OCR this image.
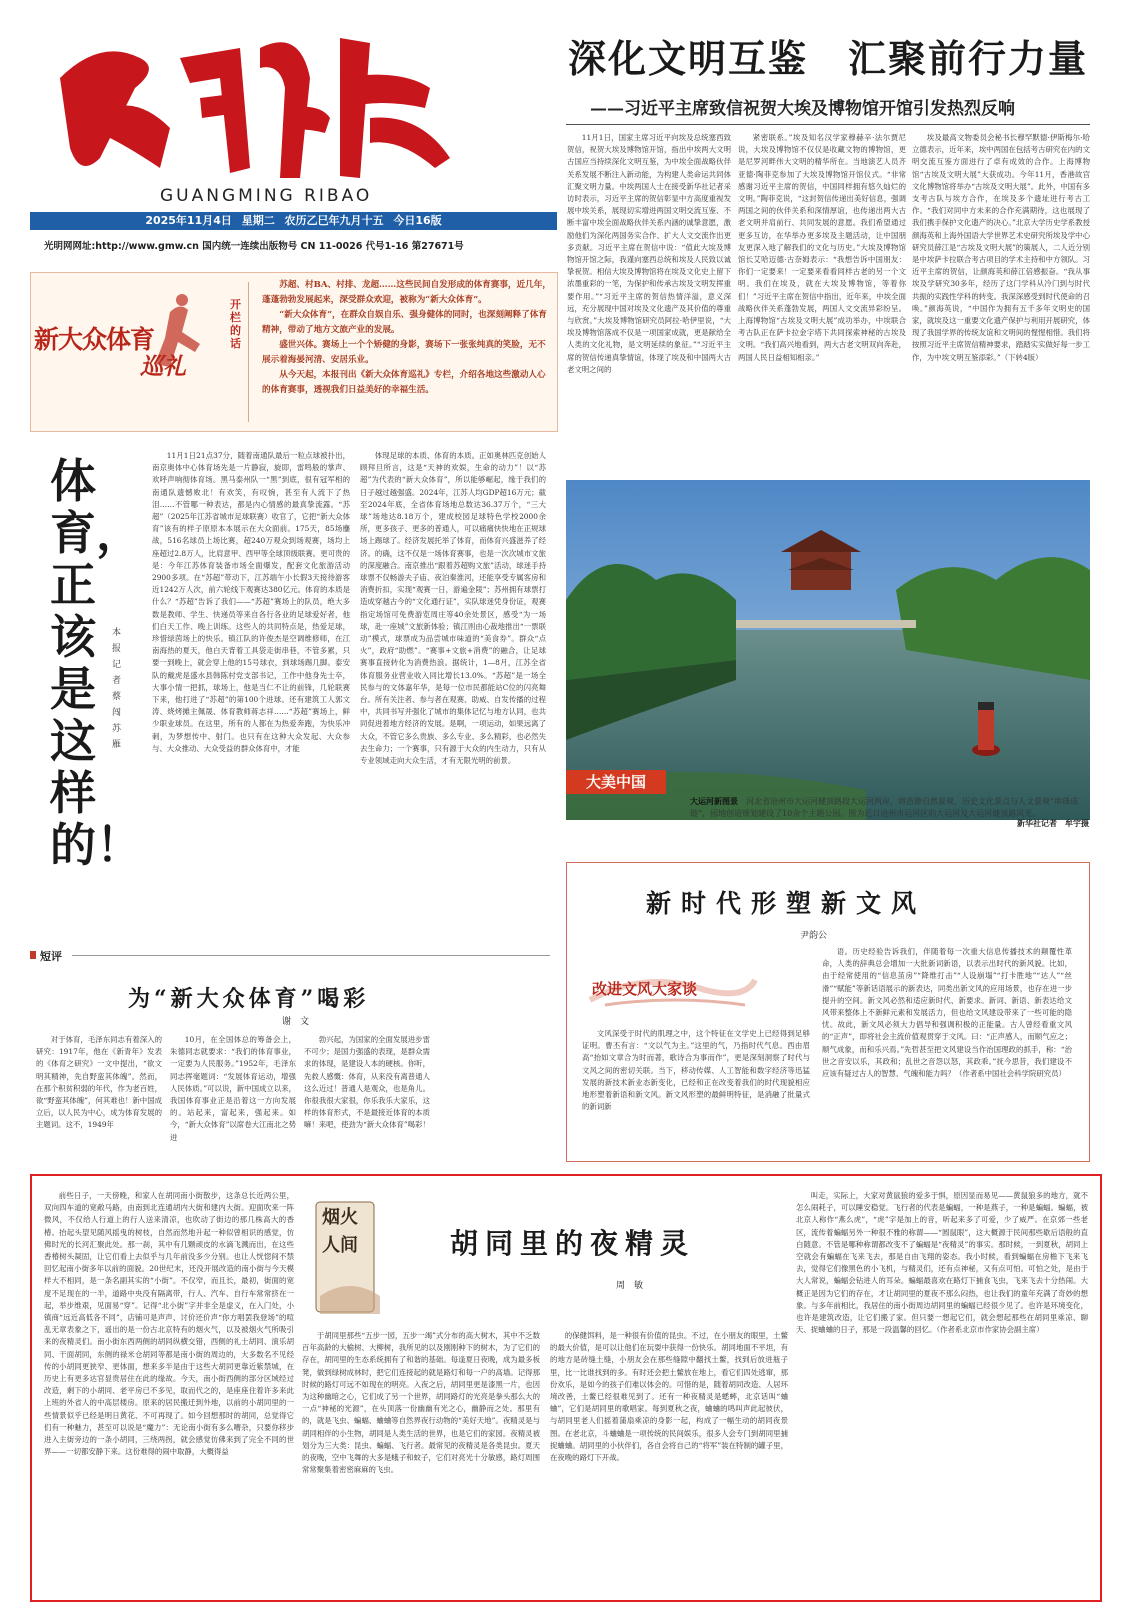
GUANGMING RIBAO
2025年11月4日 星期二 农历乙巳年九月十五 今日16版
光明网网址:http://www.gmw.cn 国内统一连续出版物号 CN 11-0026 代号1-16 第27671号
深化文明互鉴　汇聚前行力量
——习近平主席致信祝贺大埃及博物馆开馆引发热烈反响

11月1日，国家主席习近平向埃及总统塞西致贺信，祝贺大埃及博物馆开馆，指出中埃两大文明古国应当持续深化文明互鉴，为中埃全面战略伙伴关系发展不断注入新动能，为构建人类命运共同体汇聚文明力量。中埃两国人士在接受新华社记者采访时表示，习近平主席的贺信彰显中方高度重视发展中埃关系，展现切实增进两国文明交流互鉴、不断丰富中埃全面战略伙伴关系内涵的诚挚意愿，激励他们为深化两国务实合作、扩大人文交流作出更多贡献。习近平主席在贺信中说：“值此大埃及博物馆开馆之际，我谨向塞西总统和埃及人民致以诚挚祝贺。相信大埃及博物馆将在埃及文化史上留下浓墨重彩的一笔，为保护和传承古埃及文明发挥重要作用。”“习近平主席的贺信热情洋溢，意义深远，充分展现中国对埃及文化遗产及其价值的尊重与欣赏。”大埃及博物馆研究员阿拉·哈伊里说，“大埃及博物馆落成不仅是一项国家成就，更是献给全人类的文化礼物，是文明延续的象征。”“习近平主席的贺信传递真挚情谊，体现了埃及和中国两大古老文明之间的

紧密联系。”埃及知名汉学家穆赫辛·法尔贾尼说，大埃及博物馆不仅仅是收藏文物的博物馆，更是尼罗河畔伟大文明的精华所在。当地演艺人员齐亚德·陶菲克参加了大埃及博物馆开馆仪式。“非常感谢习近平主席的贺信，中国同样拥有悠久灿烂的文明。”陶菲克说，“这封贺信传递出美好信息，强调两国之间的伙伴关系和深情厚谊，也传递出两大古老文明并肩前行、共同发展的意愿。我们希望通过更多互访，在华举办更多埃及主题活动，让中国朋友更深入地了解我们的文化与历史。”大埃及博物馆馆长艾哈迈德·古奈姆表示：“我想告诉中国朋友：你们一定要来！一定要来看看同样古老的另一个文明。我们在埃及，就在大埃及博物馆，等着你们！”习近平主席在贺信中指出，近年来，中埃全面战略伙伴关系蓬勃发展，两国人文交流异彩纷呈。上海博物馆“古埃及文明大展”成功举办，中埃联合考古队正在萨卡拉金字塔下共同探索神秘的古埃及文明。“我们高兴地看到，两大古老文明双向奔赴，两国人民日益相知相亲。”

埃及最高文物委员会秘书长穆罕默德·伊斯梅尔·哈立德表示，近年来，埃中两国在包括考古研究在内的文明交流互鉴方面进行了卓有成效的合作。上海博物馆“古埃及文明大展”大获成功。今年11月，香港故宫文化博物馆将举办“古埃及文明大展”。此外，中国有多支考古队与埃方合作，在埃及多个遗址进行考古工作。“我们对同中方未来的合作充满期待，这也展现了我们携手保护文化遗产的决心。”北京大学历史学系教授颜海英和上海外国语大学世界艺术史研究所埃及学中心研究员薛江是“古埃及文明大展”的策展人，二人近分别是中埃萨卡拉联合考古项目的学术主持和中方领队。习近平主席的贺信，让颜海英和薛江倍感振奋。“我从事埃及学研究30多年，经历了这门学科从冷门到与时代共振的实践性学科的转变。我深深感受到时代使命的召唤。”颜海英说，“中国作为拥有五千多年文明史的国家，就埃及这一重要文化遗产保护与利用开展研究，体现了我国学界的传统友谊和文明间的惺惺相惜。我们将按照习近平主席贺信精神要求，踏踏实实做好每一步工作，为中埃文明互鉴添彩。”（下转4版）

新大众体育
巡礼
开栏的话

苏超、村BA、村排、龙超……这些民间自发形成的体育赛事，近几年，蓬蓬勃勃发展起来，深受群众欢迎，被称为“新大众体育”。

“新大众体育”，在群众自娱自乐、强身健体的同时，也深刻阐释了体育精神，带动了地方文旅产业的发展。

盛世兴体。赛场上一个个矫健的身影，赛场下一张张纯真的笑脸，无不展示着海晏河清、安居乐业。

从今天起，本报刊出《新大众体育巡礼》专栏，介绍各地这些激动人心的体育赛事，透视我们日益美好的幸福生活。

体育，正该是这样的！
本报记者 蔡闯 苏雁

11月1日21点37分，随着南通队最后一粒点球被扑出，南京奥体中心体育场先是一片静寂，旋即，雷鸣般的掌声、欢呼声响彻体育场。黑马泰州队一“黑”到底，很有冠军相的南通队遗憾败北！有欢笑，有叹惋，甚至有人流下了热泪……不管哪一种表达，都是内心情感的最真挚流露。“苏超”（2025年江苏省城市足球联赛）收官了，它把“新大众体育”该有的样子原原本本展示在大众面前。175天，85场鏖战，516名球员上场比赛，超240万观众到场观赛，场均上座超过2.8万人，比肩意甲、西甲等全球顶级联赛。更可贵的是：今年江苏体育装备市场全面爆发，配套文化旅游活动2900多项。在“苏超”带动下，江苏端午小长假3天接待游客近1242万人次，前六轮线下观赛达380亿元。体育的本质是什么？“苏超”告诉了我们——“苏超”赛场上的队员，绝大多数是教师、学生、快递员等来自各行各业的足球爱好者，他们白天工作、晚上训练。这些人的共同特点是，热爱足球，珍惜绿茵场上的快乐。镇江队的许俊杰是空调维修师，在江南海热的夏天，他白天背着工具袋走街串巷，不管多累，只要一到晚上，就会穿上他的15号球衣，到球场踢几脚。泰安队的戴虎是盛水县韩陈村党支部书记，工作中他身先士卒，大事小情一把抓，球场上，他是当仁不让的前锋，几轮联赛下来，他打进了“苏超”的第100个进球。还有建筑工人郭文涛、烧烤摊主佩晟、体育教师蒋志祥……“苏超”赛场上，鲜少职业球员。在这里，所有的人都在为热爱奔跑，为快乐冲刺，为梦想传中、射门。也只有在这种大众发起、大众参与、大众推动、大众受益的群众体育中，才能

体现足球的本质、体育的本质。正如奥林匹克创始人顾拜旦所言，这是“天神的欢娱，生命的动力”！以“苏超”为代表的“新大众体育”，所以能够崛起，缘于我们的日子越过越强盛。2024年，江苏人均GDP超16万元；截至2024年底，全省体育场地总数达36.37万个，“三大球”场地达8.18万个，建成校园足球特色学校2000余所，更多孩子、更多的普通人，可以痛痛快快地在正规球场上踢球了。经济发展托举了体育，而体育兴盛滋养了经济。的确，这不仅是一场体育赛事，也是一次次城市文旅的深度融合。南京推出“跟着苏超购文旅”活动，球迷手持球票不仅畅游夫子庙、夜泊秦淮河，还能享受专属客房和消费折扣，实现“观赛一日，游遍金陵”；苏州拥有球票打造成穿越古今的“文化通行证”，实队球迷凭身份证，观赛指定场馆可免费游览周庄等40余处景区，感受“为一场球，赴一座城”文旅新体验；镇江则由心裁地推出“一票联动”模式，球票成为品尝城市味道的“美食券”。群众“点火”，政府“助燃”。“赛事+文旅+消费”的融合，让足球赛事直接转化为消费热浪。据统计，1—8月，江苏全省体育服务业营业收入同比增长13.0%。“苏超”是一场全民参与的文体嘉年华，是每一位市民都能站C位的闪亮舞台。所有关注者、参与者在观赛、助威、自发传播的过程中，共同书写并强化了城市的集体记忆与地方认同，也共同促进着地方经济的发展。是啊，一项运动，如果远离了大众，不管它多么贵族、多么专业、多么精彩，也必然失去生命力；一个赛事，只有源于大众的内生动力，只有从专业领域走向大众生活，才有无限光明的前景。

大美中国
大运河新图景　 河北省沧州市大运河健顶路段大运河两岸，将浩渺自然景观、历史文化景点与人文景观“串珠成链”，园地创造规划建设了10余个主题公园。图为近日沧州市运河区的大运河及大运河健顶路风光。
新华社记者　牟宇摄
短评
为“新大众体育”喝彩
谢　文

对于体育，毛泽东同志有着深入的研究：1917年，他在《新青年》发表的《体育之研究》一文中提出，“欲文明其精神，先自野蛮其体魄”。然而，在那个积贫积弱的年代，作为老百姓，欲“野蛮其体魄”，何其难也！新中国成立后，以人民为中心，成为体育发展的主题词。这不，1949年

10月，在全国体总的筹备会上，朱德同志就要求：“我们的体育事业，一定要为人民服务。”1952年，毛泽东同志挥毫题词：“发展体育运动，增强人民体质。”可以说，新中国成立以来，我国体育事业正是沿着这一方向发展的。站起来，富起来，强起来。如今，“新大众体育”以席卷大江南北之势迸

勃兴起，为国家的全面发展进步雷不可少；是国力强盛的表现，是群众需求的体现，是建设人本的硬核。你听，先救人感慨：体育，从来没有离普通人这么近过！普通人是观众，也是角儿。你很我很大家很，你乐我乐大家乐，这样的体育形式，不是最接近体育的本质嘛！来吧，使劲为“新大众体育”喝彩！

新时代形塑新文风
尹韵公
改进文风大家谈

文风深受于时代的肌理之中，这个特征在文学史上已经得到足够证明。曹丕有言：“文以气为主。”这里的气，乃指时代气息。西由眉高“抬如文章合为时而著，歌诗合为事而作”，更是深刻洞察了时代与文风之间的密切关联。当下，移动传媒、人工智能和数字经济等迅猛发展的新技术新业态新变化，已经和正在改变着我们的时代现貌相应地形塑着新语和新文风。新文风形塑的最鲜明特征，是消融了批量式的新词新

语。历史经验告诉我们，伴随着每一次重大信息传播技术的颠覆性革命，人类的辞典总会增加一大批新词新语，以表示出时代的新风貌。比如，由于经常使用的“信息茧房”“降维打击”“人设崩塌”“打卡胜地”“达人”“丝滑”“赋能”等新话语展示的新表达，同类出新文风的应用场景，也存在进一步提升的空间。新文风必然和适应新时代、新要求。新词、新语、新表达给文风带来整体上不新鲜元素和发展活力，但也给文风建设带来了一些可能的隐忧。故此，新文风必须大力倡导和强调积极的正能量。古人曾经看重文风的“正声”，即将社会主流价值观贯穿于文风。曰：“正声感人，而顺气应之；顺气成象，而和乐兴焉。”先哲甚至把文风建设当作治国理政的抓手，称：“治世之音安以乐，其政和；乱世之音怨以怒，其政乖。”抚今思昔，我们建设不应该有疑过古人的智慧、气魄和能力吗？（作者系中国社会科学院研究员）

前些日子，一天傍晚，和家人在胡同南小街散步，这条总长近两公里，双向四车道的宽敞马路，由南到北连通胡内大街和建内大街。迎面吹来一阵微风，不仅给人行道上的行人送来清凉，也吹动了街边的那几株高大的香椿。抬起头望见随风摇曳的树枝，自然而然地升起一种似曾相识的感觉，仿佛时光的长河汇聚此处。那一刹，其中有几颗顽皮的水滴飞溅而出，在这些香椿树头凝固，让它们看上去似乎与几年前没多少分别。也让人恍惚间不禁回忆起南小街多年以前的面貌。20世纪末，还没开展改造的南小街与今天模样大不相同，是一条名副其实的“小街”。不仅窄，而且长，最初，街面的宽度不足现在的一半，道路中央没有隔离带，行人、汽车、自行车常常挤在一起，举步维艰，见面易“穿”。记得“北小街”字并非全是虚义，在入门处，小镇商“远近高低各不同”，店铺可是声声、讨价还价声“你方唱罢我登场”的喧乱无章表象之下，遥出的是一份古北京特有的烟火气，以及被烟火气所吸引来的夜精灵们。南小街东西两侧的胡同纵横交错，西侧的礼士胡同、演乐胡同、干面胡同，东侧的禄米仓胡同等都是南小街的周边的，大多数名不见经传的小胡同更狭窄、更体面，想来多半是由于这些大胡同更靠近紫禁城，在历史上有更多达官显贵居住在此的缘故。今天，南小街西侧的部分区域经过改造，剩下的小胡同、老平房已不多见，取而代之的，是座座住着许多来此上班的外省人的中高层楼房。原来的居民搬迁到外地，以前的小胡同里的一些情景似乎已经是明日黄花、不可再现了。如今回想那时的胡同，总觉得它们有一种魅力，甚至可以说是“魔力”：无论南小街有多么嘈杂，只要你移步进入主街旁边的一条小胡同，三绕两拐，就会感觉仿佛来到了完全不同的世界——一切都安静下来。这份难得的闹中取静，大概得益

烟火人间	胡同里的夜精灵
周　敏

于胡同里那些“五步一园，五步一竭”式分布的高大树木，其中不乏数百年高龄的大榆树、大柳树，我所见的以及刚刚种下的树木，为了它们的存在，胡同里的生态系统拥有了和谐的基础。每逢夏日夜晚，成为最多板凳，做到绿树成林时，把它们连接起的就是路灯和每一户的高墙。记得那时候的路灯可远不如现在的明亮。入夜之后，胡同里更是漆黑一片，也因为这种幽暗之心，它们成了另一个世界，胡同路灯的光亮是拳头那么大的一点“神秘的光源”，在头顶落一份幽幽有光之心，幽静而之处。那里有的，就是飞虫、蝙蝠、蛐蛐等自然界夜行动物的“美好天地”。夜精灵是与胡同相伴的小生物，胡同是人类生活的世界，也是它们的家园。夜精灵被划分为三大类：昆虫、蝙蝠、飞行者。最常见的夜精灵是各类昆虫。夏天的夜晚，空中飞舞的大多是蛾子和蚊子，它们对亮光十分敏感，路灯周围常常聚集着密密麻麻的飞虫。

的保健饵料，是一种很有价值的昆虫。不过，在小朋友的眼里，土鳖的最大价值，是可以让他们在玩耍中获得一份快乐。胡同地面不平坦，有的地方是砖缝土缝，小朋友会在那些缝隙中翻找土鳖，找到后放进瓶子里，比一比谁找到的多。有时还会把土鳖放在地上，看它们四处逃窜，那份欢乐，是如今的孩子们难以体会的。可惜的是，随着胡同改造、人居环境改善，土鳖已经很难见到了。还有一种夜精灵是蟋蟀，北京话叫“蛐蛐”，它们是胡同里的歌唱家。每到夏秋之夜，蛐蛐的鸣叫声此起彼伏，与胡同里老人们摇着蒲扇乘凉的身影一起，构成了一幅生动的胡同夜景图。在老北京，斗蛐蛐是一项传统的民间娱乐，很多人会专门到胡同里捕捉蛐蛐。胡同里的小伙伴们，各自会将自己的“将军”装在特制的罐子里，在夜晚的路灯下开战。

叫走，实际上，大家对黄鼠狼的爱多于惧，原因显而易见——黄鼠狼多的地方，就不怎么闹耗子，可以睡安稳觉。飞行者的代表是蝙蝠，一种是燕子，一种是蝙蝠。蝙蝠，被北京人称作“燕么虎”，“虎”字是加上的音，听起来多了可爱，少了威严。在京郊一些老区，流传着蝙蝠另外一种很不雅的称谓——“圆鼠眼”，这大概源于民间那些歇后语般的直白随意。不管是哪种称谓都改变不了蝙蝠是“夜精灵”的事实。那时候，一到夏秋，胡同上空就会有蝙蝠在飞来飞去，那是自由飞翔的姿态。我小时候，看到蝙蝠在房檐下飞来飞去，觉得它们像黑色的小飞机，与精灵们，还有点神秘，又有点可怕。可怕之处，是由于大人常说，蝙蝠会钻进人的耳朵。蝙蝠最喜欢在路灯下捕食飞虫，飞来飞去十分热闹。大概正是因为它们的存在，才让胡同里的夏夜不那么闷热，也让我们的童年充满了奇妙的想象。与多年前相比，我居住的南小街周边胡同里的蝙蝠已经很少见了。也许是环境变化，也许是建筑改造，让它们搬了家。但只要一想起它们，就会想起那些在胡同里乘凉、聊天、捉蛐蛐的日子，那是一段温馨的回忆。（作者系北京市作家协会副主席）
